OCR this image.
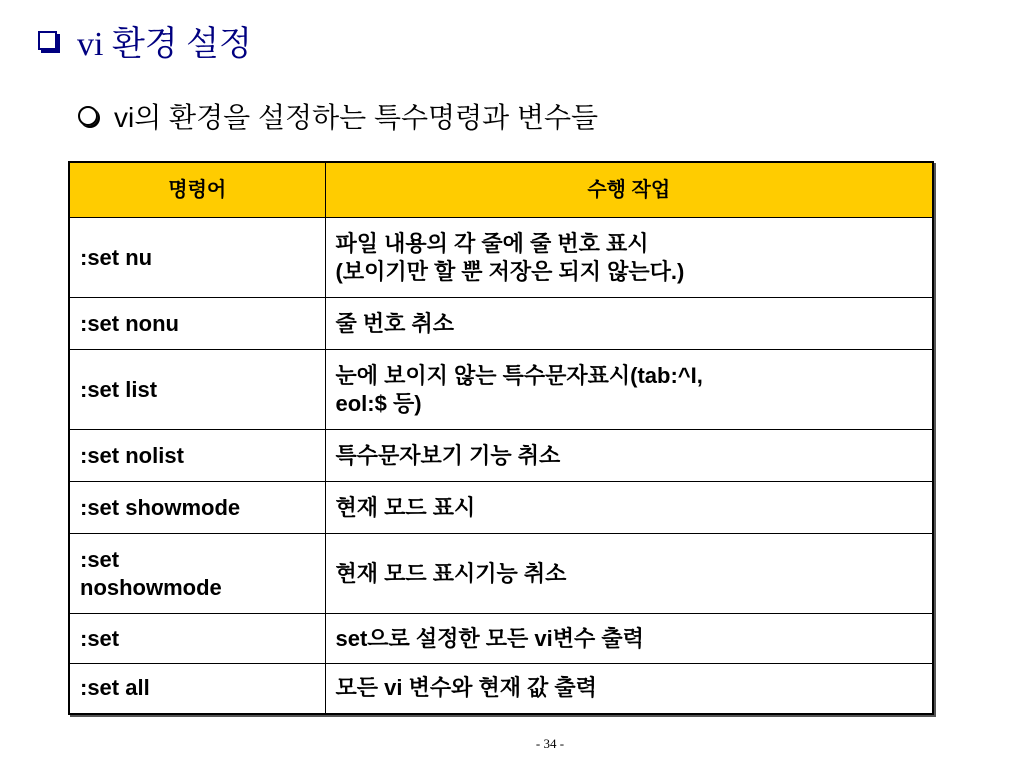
vi 환경 설정
vi의 환경을 설정하는 특수명령과 변수들
명령어	수행 작업
:set nu	파일 내용의 각 줄에 줄 번호 표시
(보이기만 할 뿐 저장은 되지 않는다.)

:set nonu	줄 번호 취소
:set list	눈에 보이지 않는 특수문자표시(tab:^I,
eol:$ 등)

:set nolist	특수문자보기 기능 취소
:set showmode	현재 모드 표시

:set
noshowmode	현재 모드 표시기능 취소
:set	set으로 설정한 모든 vi변수 출력
:set all	모든 vi 변수와 현재 값 출력
- 34 -
